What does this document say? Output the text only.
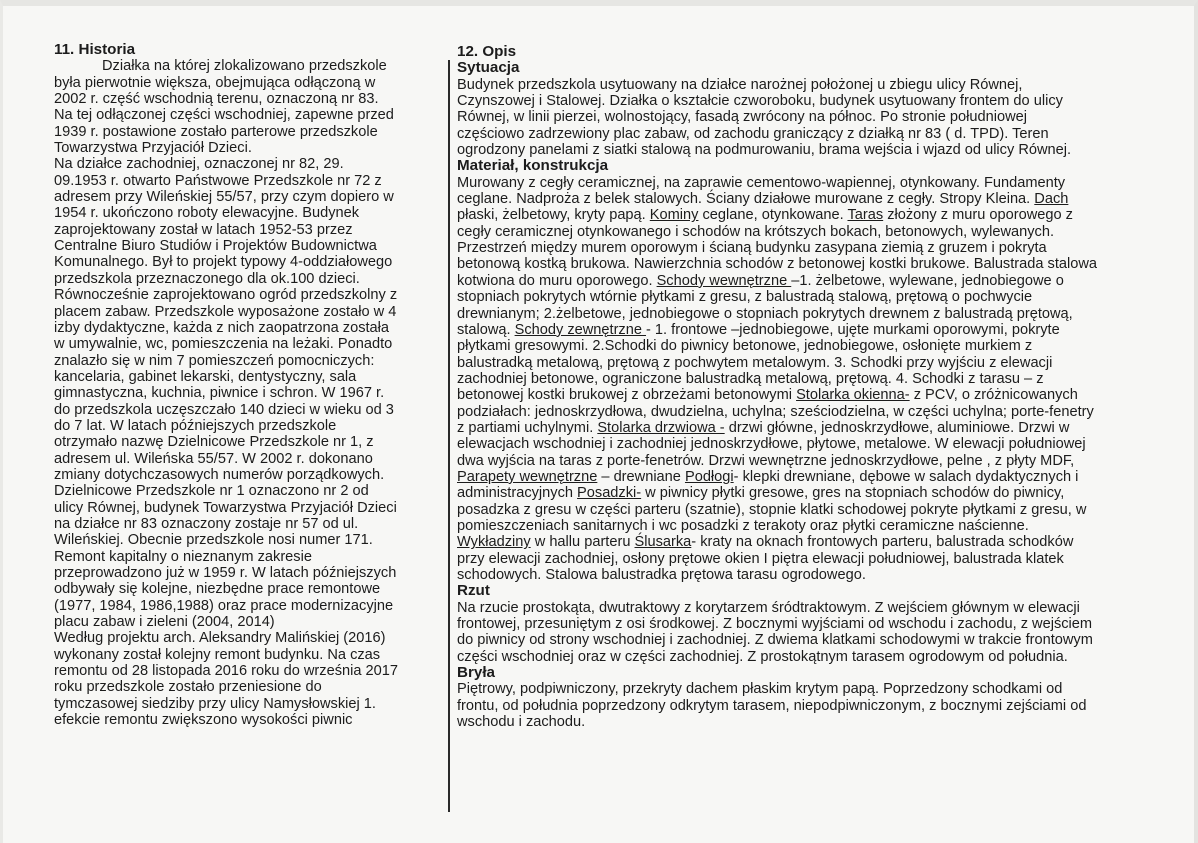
11. Historia
Działka na której zlokalizowano przedszkole
była pierwotnie większa, obejmująca odłączoną w
2002 r. część wschodnią terenu, oznaczoną nr 83.
Na tej odłączonej części wschodniej, zapewne przed
1939 r. postawione zostało parterowe przedszkole
Towarzystwa Przyjaciół Dzieci.
Na działce zachodniej, oznaczonej nr 82, 29.
09.1953 r. otwarto Państwowe Przedszkole nr 72 z
adresem przy Wileńskiej 55/57, przy czym dopiero w
1954 r. ukończono roboty elewacyjne. Budynek
zaprojektowany został w latach 1952-53 przez
Centralne Biuro Studiów i Projektów Budownictwa
Komunalnego. Był to projekt typowy 4-oddziałowego
przedszkola przeznaczonego dla ok.100 dzieci.
Równocześnie zaprojektowano ogród przedszkolny z
placem zabaw. Przedszkole wyposażone zostało w 4
izby dydaktyczne, każda z nich zaopatrzona została
w umywalnie, wc, pomieszczenia na leżaki. Ponadto
znalazło się w nim 7 pomieszczeń pomocniczych:
kancelaria, gabinet lekarski, dentystyczny, sala
gimnastyczna, kuchnia, piwnice i schron. W 1967 r.
do przedszkola uczęszczało 140 dzieci w wieku od 3
do 7 lat. W latach późniejszych przedszkole
otrzymało nazwę Dzielnicowe Przedszkole nr 1, z
adresem ul. Wileńska 55/57. W 2002 r. dokonano
zmiany dotychczasowych numerów porządkowych.
Dzielnicowe Przedszkole nr 1 oznaczono nr 2 od
ulicy Równej, budynek Towarzystwa Przyjaciół Dzieci
na działce nr 83 oznaczony zostaje nr 57 od ul.
Wileńskiej. Obecnie przedszkole nosi numer 171.
Remont kapitalny o nieznanym zakresie
przeprowadzono już w 1959 r. W latach późniejszych
odbywały się kolejne, niezbędne prace remontowe
(1977, 1984, 1986,1988) oraz prace modernizacyjne
placu zabaw i zieleni (2004, 2014)
Według projektu arch. Aleksandry Malińskiej (2016)
wykonany został kolejny remont budynku. Na czas
remontu od 28 listopada 2016 roku do września 2017
roku przedszkole zostało przeniesione do
tymczasowej siedziby przy ulicy Namysłowskiej 1.
efekcie remontu zwiększono wysokości piwnic
12. Opis
Sytuacja
Budynek przedszkola usytuowany na działce narożnej położonej u zbiegu ulicy Równej,
Czynszowej i Stalowej. Działka o kształcie czworoboku, budynek usytuowany frontem do ulicy
Równej, w linii pierzei, wolnostojący, fasadą zwrócony na północ. Po stronie południowej
częściowo zadrzewiony plac zabaw, od zachodu graniczący z działką nr 83 ( d. TPD). Teren
ogrodzony panelami z siatki stalową na podmurowaniu, brama wejścia i wjazd od ulicy Równej.
Materiał, konstrukcja
Murowany z cegły ceramicznej, na zaprawie cementowo-wapiennej, otynkowany. Fundamenty
ceglane. Nadproża z belek stalowych. Ściany działowe murowane z cegły. Stropy Kleina. Dach
płaski, żelbetowy, kryty papą. Kominy ceglane, otynkowane. Taras złożony z muru oporowego z
cegły ceramicznej otynkowanego i schodów na krótszych bokach, betonowych, wylewanych.
Przestrzeń między murem oporowym i ścianą budynku zasypana ziemią z gruzem i pokryta
betonową kostką brukowa. Nawierzchnia schodów z betonowej kostki brukowe. Balustrada stalowa
kotwiona do muru oporowego. Schody wewnętrzne –1. żelbetowe, wylewane, jednobiegowe o
stopniach pokrytych wtórnie płytkami z gresu, z balustradą stalową, prętową o pochwycie
drewnianym; 2.żelbetowe, jednobiegowe o stopniach pokrytych drewnem z balustradą prętową,
stalową. Schody zewnętrzne - 1. frontowe –jednobiegowe, ujęte murkami oporowymi, pokryte
płytkami gresowymi. 2.Schodki do piwnicy betonowe, jednobiegowe, osłonięte murkiem z
balustradką metalową, prętową z pochwytem metalowym. 3. Schodki przy wyjściu z elewacji
zachodniej betonowe, ograniczone balustradką metalową, prętową. 4. Schodki z tarasu – z
betonowej kostki brukowej z obrzeżami betonowymi Stolarka okienna- z PCV, o zróżnicowanych
podziałach: jednoskrzydłowa, dwudzielna, uchylna; sześciodzielna, w części uchylna; porte-fenetry
z partiami uchylnymi. Stolarka drzwiowa - drzwi główne, jednoskrzydłowe, aluminiowe. Drzwi w
elewacjach wschodniej i zachodniej jednoskrzydłowe, płytowe, metalowe. W elewacji południowej
dwa wyjścia na taras z porte-fenetrów. Drzwi wewnętrzne jednoskrzydłowe, pelne , z płyty MDF,
Parapety wewnętrzne – drewniane Podłogi- klepki drewniane, dębowe w salach dydaktycznych i
administracyjnych Posadzki- w piwnicy płytki gresowe, gres na stopniach schodów do piwnicy,
posadzka z gresu w części parteru (szatnie), stopnie klatki schodowej pokryte płytkami z gresu, w
pomieszczeniach sanitarnych i wc posadzki z terakoty oraz płytki ceramiczne naścienne.
Wykładziny w hallu parteru Ślusarka- kraty na oknach frontowych parteru, balustrada schodków
przy elewacji zachodniej, osłony prętowe okien I piętra elewacji południowej, balustrada klatek
schodowych. Stalowa balustradka prętowa tarasu ogrodowego.
Rzut
Na rzucie prostokąta, dwutraktowy z korytarzem śródtraktowym. Z wejściem głównym w elewacji
frontowej, przesuniętym z osi środkowej. Z bocznymi wyjściami od wschodu i zachodu, z wejściem
do piwnicy od strony wschodniej i zachodniej. Z dwiema klatkami schodowymi w trakcie frontowym
części wschodniej oraz w części zachodniej. Z prostokątnym tarasem ogrodowym od południa.
Bryła
Piętrowy, podpiwniczony, przekryty dachem płaskim krytym papą. Poprzedzony schodkami od
frontu, od południa poprzedzony odkrytym tarasem, niepodpiwniczonym, z bocznymi zejściami od
wschodu i zachodu.
